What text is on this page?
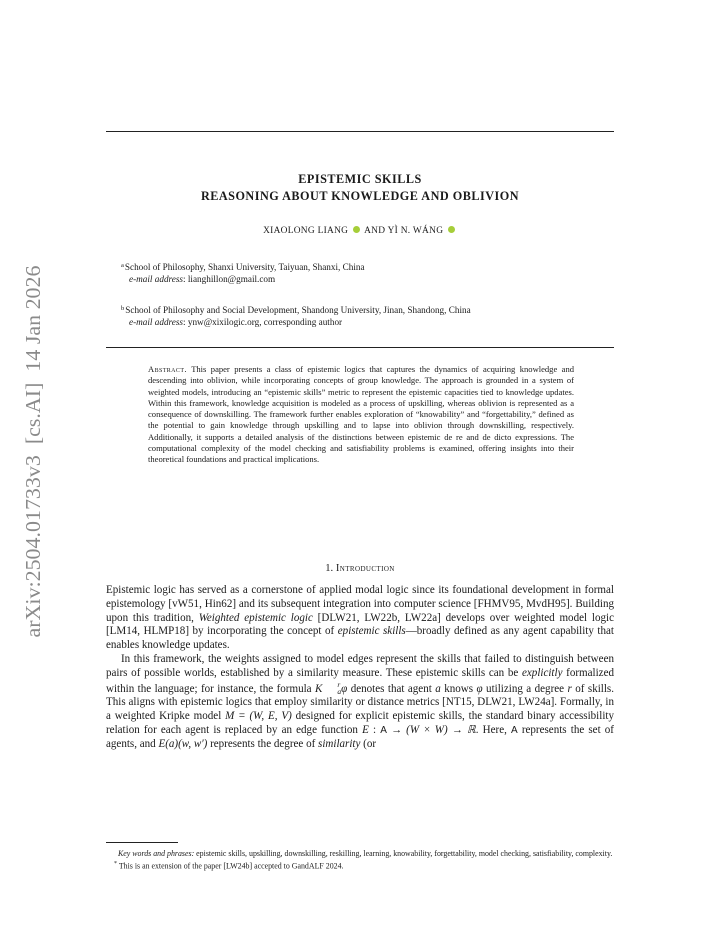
arXiv:2504.01733v3  [cs.AI]  14 Jan 2026
EPISTEMIC SKILLS
REASONING ABOUT KNOWLEDGE AND OBLIVION
XIAOLONG LIANG AND YÌ N. WÁNG
$^a$School of Philosophy, Shanxi University, Taiyuan, Shanxi, China
e-mail address: lianghillon@gmail.com
$^b$School of Philosophy and Social Development, Shandong University, Jinan, Shandong, China
e-mail address: ynw@xixilogic.org, corresponding author

Abstract. This paper presents a class of epistemic logics that captures the dynamics of acquiring knowledge and descending into oblivion, while incorporating concepts of group knowledge. The approach is grounded in a system of weighted models, introducing an “epistemic skills” metric to represent the epistemic capacities tied to knowledge updates. Within this framework, knowledge acquisition is modeled as a process of upskilling, whereas oblivion is represented as a consequence of downskilling. The framework further enables exploration of “knowability” and “forgettability,” defined as the potential to gain knowledge through upskilling and to lapse into oblivion through downskilling, respectively. Additionally, it supports a detailed analysis of the distinctions between epistemic de re and de dicto expressions. The computational complexity of the model checking and satisfiability problems is examined, offering insights into their theoretical foundations and practical implications.

1. Introduction

Epistemic logic has served as a cornerstone of applied modal logic since its foundational development in formal epistemology [vW51, Hin62] and its subsequent integration into computer science [FHMV95, MvdH95]. Building upon this tradition, Weighted epistemic logic [DLW21, LW22b, LW22a] develops over weighted model logic [LM14, HLMP18] by incorporating the concept of epistemic skills—broadly defined as any agent capability that enables knowledge updates.

In this framework, the weights assigned to model edges represent the skills that failed to distinguish between pairs of possible worlds, established by a similarity measure. These epistemic skills can be explicitly formalized within the language; for instance, the formula K	r
a φ denotes that agent a knows φ utilizing a degree r of skills. This aligns with epistemic logics that employ similarity or distance metrics [NT15, DLW21, LW24a]. Formally, in a weighted Kripke model M = (W, E, V) designed for explicit epistemic skills, the standard binary accessibility relation for each agent is replaced by an edge function E : A → (W × W) → ℝ. Here, A represents the set of agents, and E(a)(w, w′) represents the degree of similarity (or

Key words and phrases: epistemic skills, upskilling, downskilling, reskilling, learning, knowability, forgettability, model checking, satisfiability, complexity.

* This is an extension of the paper [LW24b] accepted to GandALF 2024.
